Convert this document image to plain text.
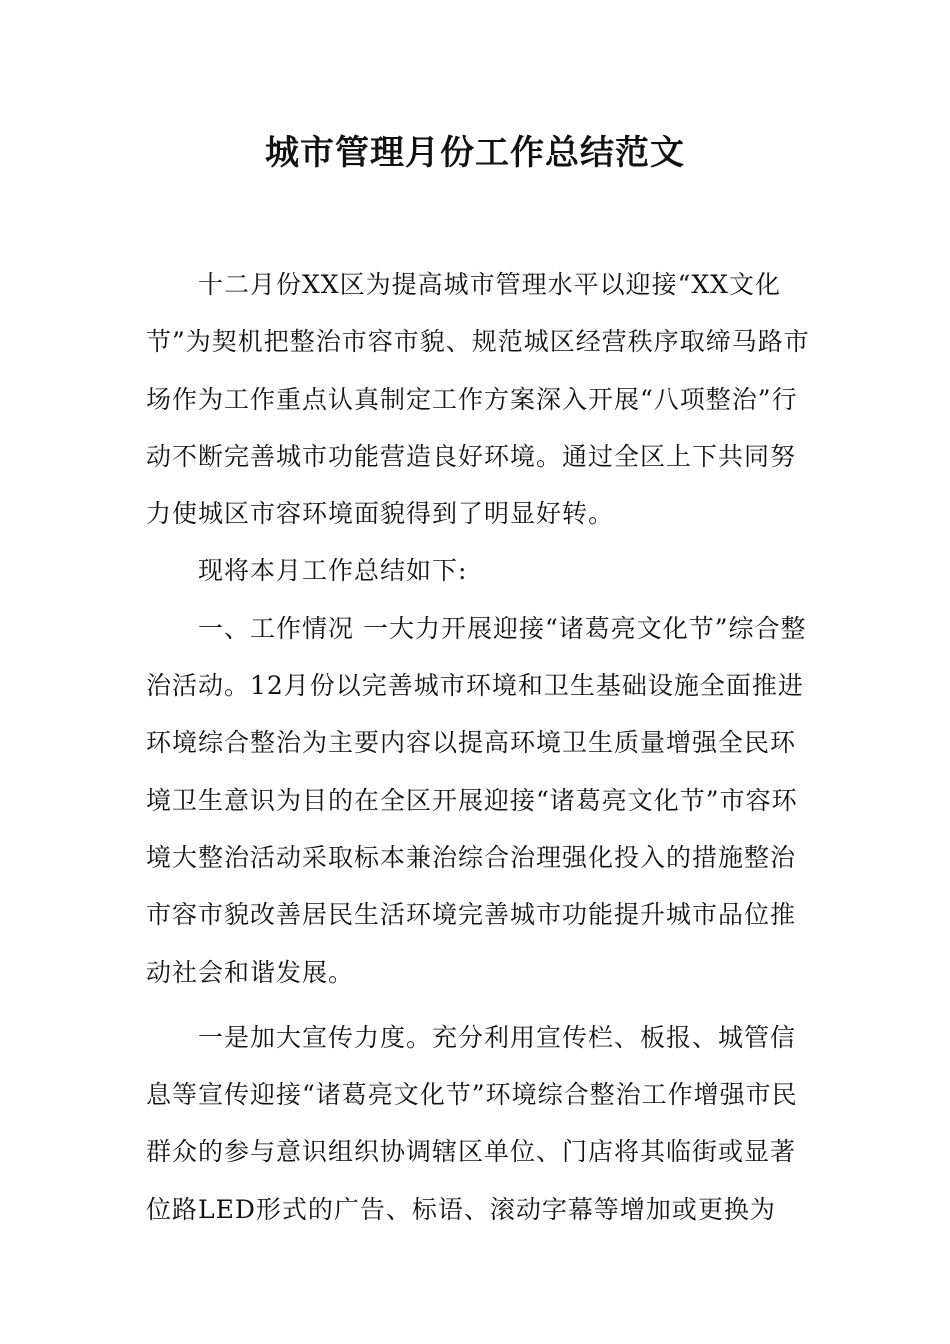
城市管理月份工作总结范文

十二月份XX区为提高城市管理水平以迎接“XX文化节”为契机把整治市容市貌、规范城区经营秩序取缔马路市场作为工作重点认真制定工作方案深入开展“八项整治”行动不断完善城市功能营造良好环境。通过全区上下共同努力使城区市容环境面貌得到了明显好转。

现将本月工作总结如下:

一、工作情况 一大力开展迎接“诸葛亮文化节”综合整治活动。12月份以完善城市环境和卫生基础设施全面推进环境综合整治为主要内容以提高环境卫生质量增强全民环境卫生意识为目的在全区开展迎接“诸葛亮文化节”市容环境大整治活动采取标本兼治综合治理强化投入的措施整治市容市貌改善居民生活环境完善城市功能提升城市品位推动社会和谐发展。

一是加大宣传力度。充分利用宣传栏、板报、城管信息等宣传迎接“诸葛亮文化节”环境综合整治工作增强市民群众的参与意识组织协调辖区单位、门店将其临街或显著位路LED形式的广告、标语、滚动字幕等增加或更换为
